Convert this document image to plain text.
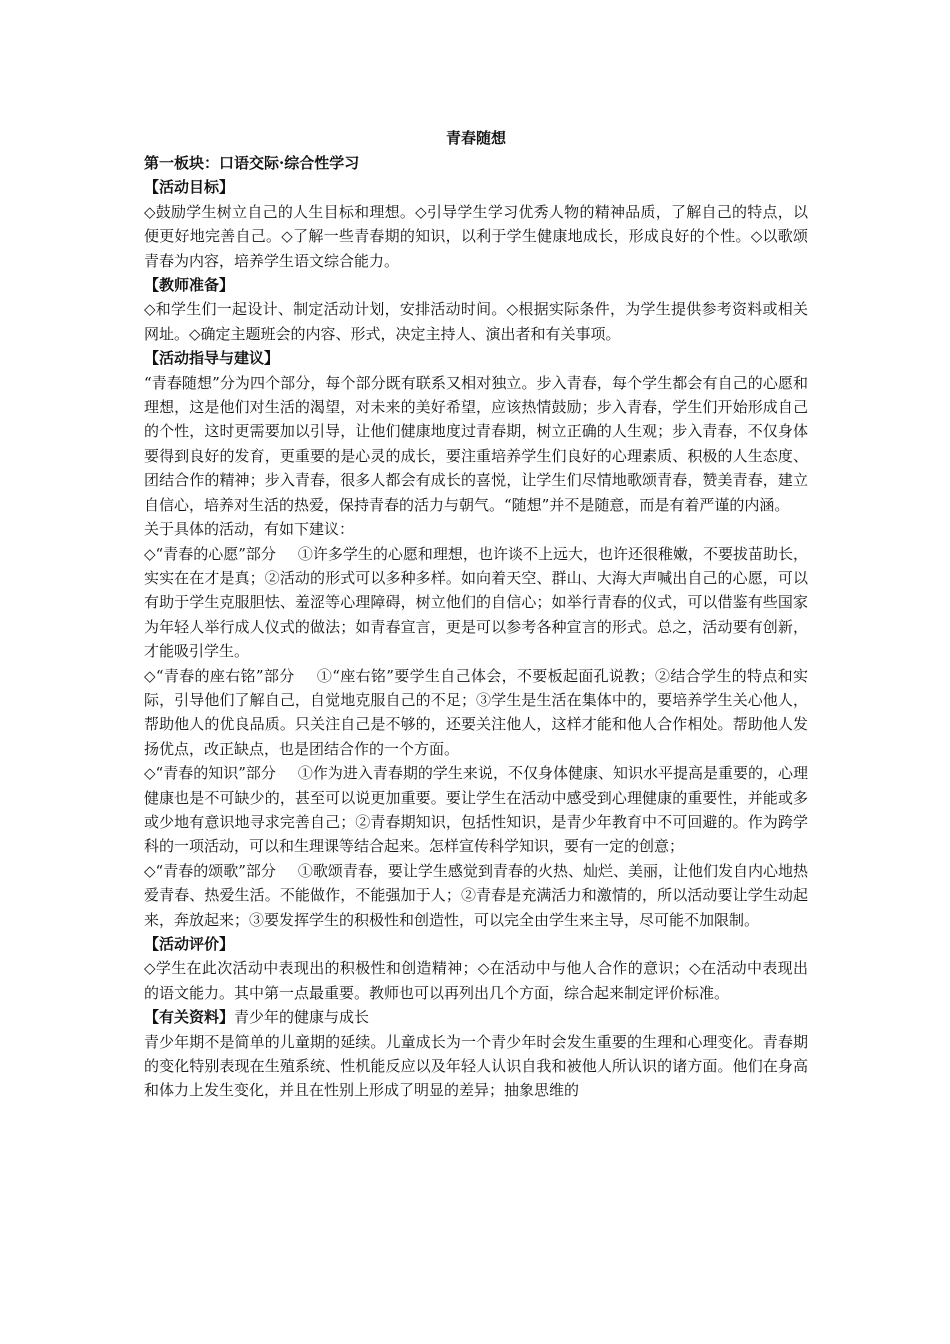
青春随想

第一板块：口语交际·综合性学习

【活动目标】

◇鼓励学生树立自己的人生目标和理想。◇引导学生学习优秀人物的精神品质，了解自己的特点，以便更好地完善自己。◇了解一些青春期的知识，以利于学生健康地成长，形成良好的个性。◇以歌颂青春为内容，培养学生语文综合能力。

【教师准备】

◇和学生们一起设计、制定活动计划，安排活动时间。◇根据实际条件，为学生提供参考资料或相关网址。◇确定主题班会的内容、形式，决定主持人、演出者和有关事项。

【活动指导与建议】

“青春随想”分为四个部分，每个部分既有联系又相对独立。步入青春，每个学生都会有自己的心愿和理想，这是他们对生活的渴望，对未来的美好希望，应该热情鼓励；步入青春，学生们开始形成自己的个性，这时更需要加以引导，让他们健康地度过青春期，树立正确的人生观；步入青春，不仅身体要得到良好的发育，更重要的是心灵的成长，要注重培养学生们良好的心理素质、积极的人生态度、团结合作的精神；步入青春，很多人都会有成长的喜悦，让学生们尽情地歌颂青春，赞美青春，建立自信心，培养对生活的热爱，保持青春的活力与朝气。“随想”并不是随意，而是有着严谨的内涵。

关于具体的活动，有如下建议：

◇“青春的心愿”部分 ①许多学生的心愿和理想，也许谈不上远大，也许还很稚嫩，不要拔苗助长，实实在在才是真；②活动的形式可以多种多样。如向着天空、群山、大海大声喊出自己的心愿，可以有助于学生克服胆怯、羞涩等心理障碍，树立他们的自信心；如举行青春的仪式，可以借鉴有些国家为年轻人举行成人仪式的做法；如青春宣言，更是可以参考各种宣言的形式。总之，活动要有创新，才能吸引学生。

◇“青春的座右铭”部分 ①“座右铭”要学生自己体会，不要板起面孔说教；②结合学生的特点和实际，引导他们了解自己，自觉地克服自己的不足；③学生是生活在集体中的，要培养学生关心他人，帮助他人的优良品质。只关注自己是不够的，还要关注他人，这样才能和他人合作相处。帮助他人发扬优点，改正缺点，也是团结合作的一个方面。

◇“青春的知识”部分 ①作为进入青春期的学生来说，不仅身体健康、知识水平提高是重要的，心理健康也是不可缺少的，甚至可以说更加重要。要让学生在活动中感受到心理健康的重要性，并能或多或少地有意识地寻求完善自己；②青春期知识，包括性知识，是青少年教育中不可回避的。作为跨学科的一项活动，可以和生理课等结合起来。怎样宣传科学知识，要有一定的创意；

◇“青春的颂歌”部分 ①歌颂青春，要让学生感觉到青春的火热、灿烂、美丽，让他们发自内心地热爱青春、热爱生活。不能做作，不能强加于人；②青春是充满活力和激情的，所以活动要让学生动起来，奔放起来；③要发挥学生的积极性和创造性，可以完全由学生来主导，尽可能不加限制。

【活动评价】

◇学生在此次活动中表现出的积极性和创造精神；◇在活动中与他人合作的意识；◇在活动中表现出的语文能力。其中第一点最重要。教师也可以再列出几个方面，综合起来制定评价标准。

【有关资料】青少年的健康与成长

青少年期不是简单的儿童期的延续。儿童成长为一个青少年时会发生重要的生理和心理变化。青春期的变化特别表现在生殖系统、性机能反应以及年轻人认识自我和被他人所认识的诸方面。他们在身高和体力上发生变化，并且在性别上形成了明显的差异；抽象思维的
